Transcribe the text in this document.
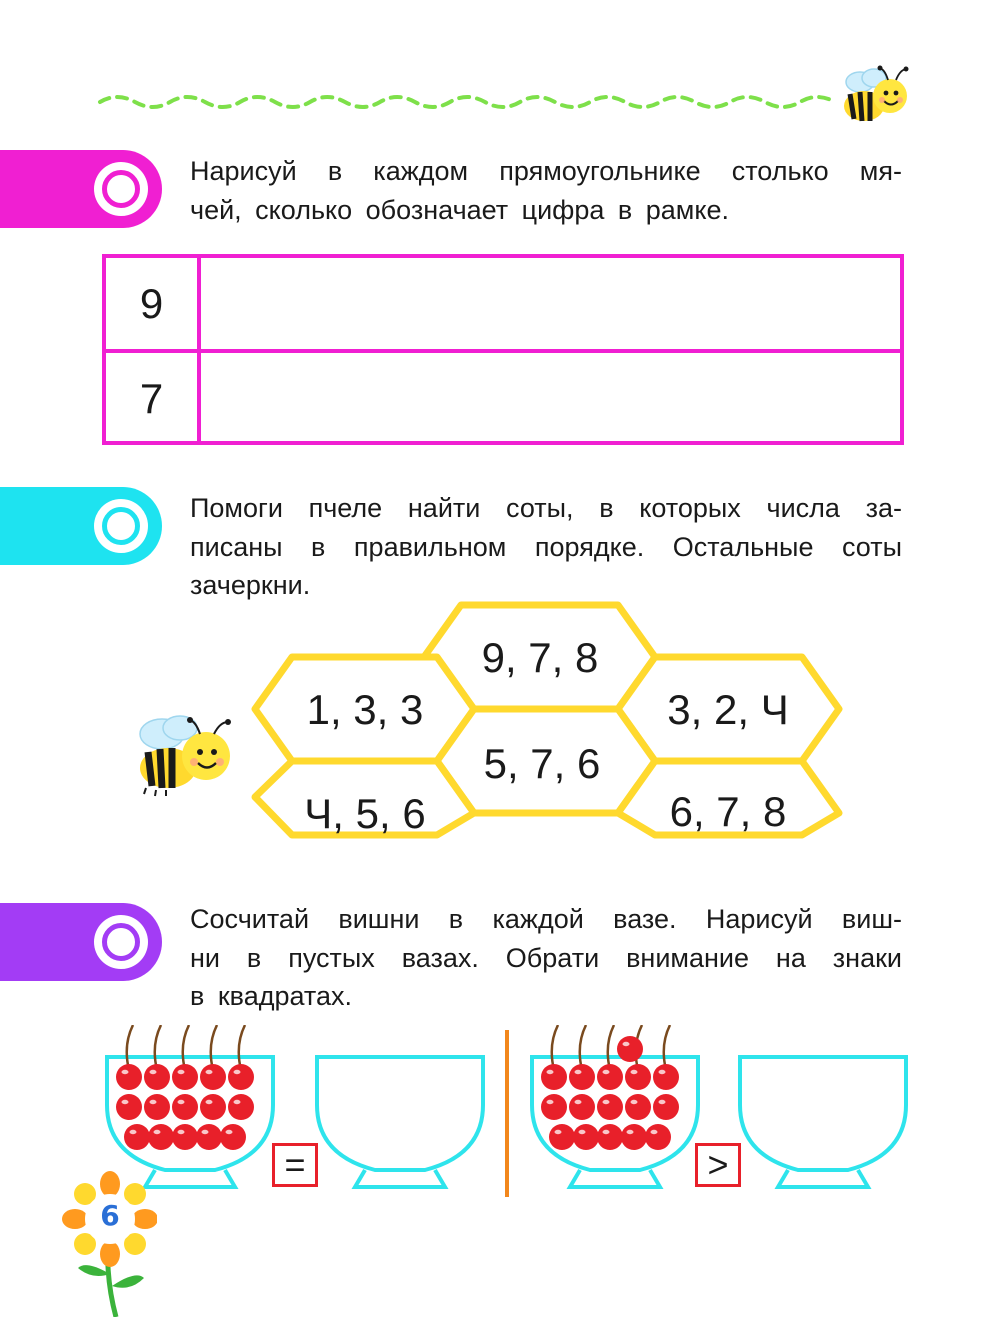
Нарисуй в каждом прямоугольнике столько мя-
чей, сколько обозначает цифра в рамке.
9
7
Помоги пчеле найти соты, в которых числа за-
писаны в правильном порядке. Остальные соты
зачеркни.
9, 7, 8
1, 3, 3	3, 2, Ч
5, 7, 6
Ч, 5, 6	6, 7, 8
Сосчитай вишни в каждой вазе. Нарисуй виш-
ни в пустых вазах. Обрати внимание на знаки
в квадратах.
=	>
6
